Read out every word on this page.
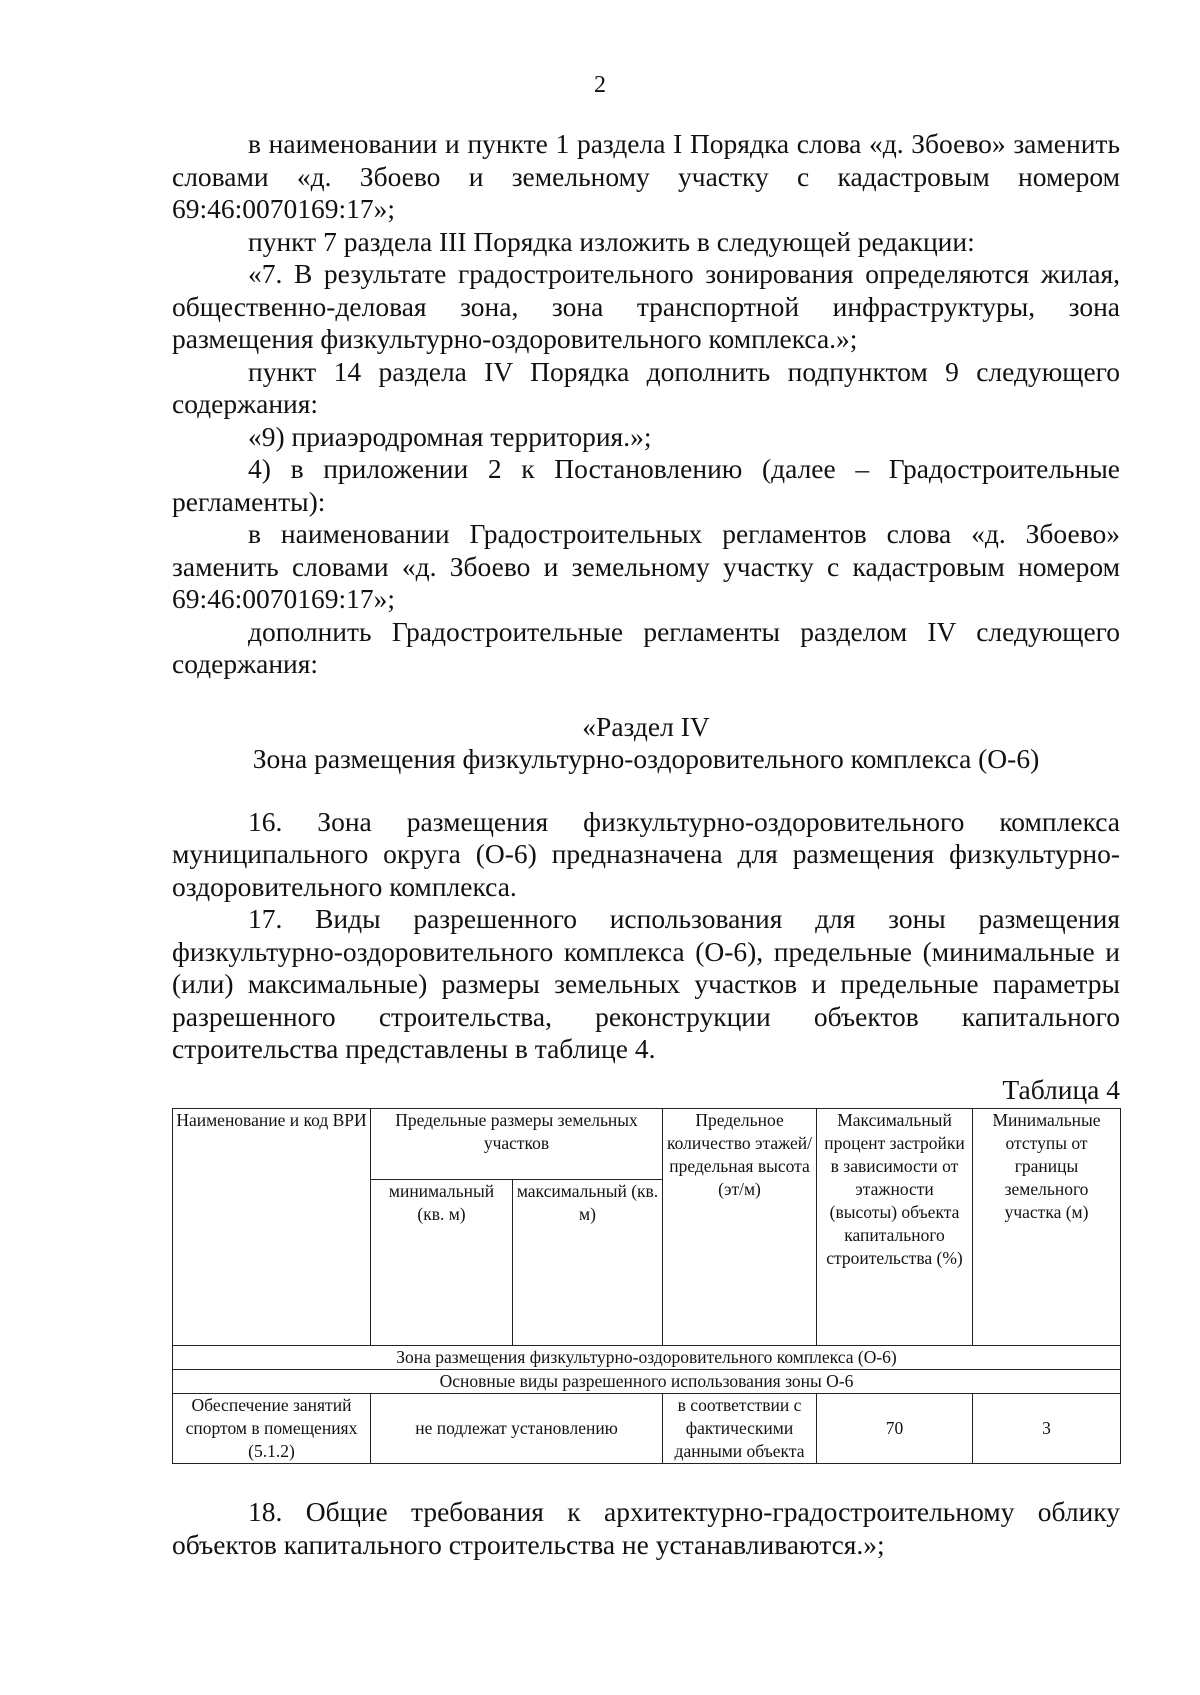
2

в наименовании и пункте 1 раздела I Порядка слова «д. Збоево» заменить словами «д. Збоево и земельному участку с кадастровым номером 69:46:0070169:17»;

пункт 7 раздела III Порядка изложить в следующей редакции:

«7. В результате градостроительного зонирования определяются жилая, общественно-деловая зона, зона транспортной инфраструктуры, зона размещения физкультурно-оздоровительного комплекса.»;

пункт 14 раздела IV Порядка дополнить подпунктом 9 следующего содержания:

«9) приаэродромная территория.»;

4) в приложении 2 к Постановлению (далее – Градостроительные регламенты):

в наименовании Градостроительных регламентов слова «д. Збоево» заменить словами «д. Збоево и земельному участку с кадастровым номером 69:46:0070169:17»;

дополнить Градостроительные регламенты разделом IV следующего содержания:

«Раздел IV

Зона размещения физкультурно-оздоровительного комплекса (О-6)

16. Зона размещения физкультурно-оздоровительного комплекса муниципального округа (О-6) предназначена для размещения физкультурно-оздоровительного комплекса.

17. Виды разрешенного использования для зоны размещения физкультурно-оздоровительного комплекса (О-6), предельные (минимальные и (или) максимальные) размеры земельных участков и предельные параметры разрешенного строительства, реконструкции объектов капитального строительства представлены в таблице 4.

Таблица 4

Наименование и код ВРИ	Предельные размеры земельных участков		Предельное количество этажей/ предельная высота (эт/м)	Максимальный процент застройки в зависимости от этажности (высоты) объекта капитального строительства (%)	Минимальные отступы от границы земельного участка (м)
	минимальный (кв. м)	максимальный (кв. м)			
Зона размещения физкультурно-оздоровительного комплекса (О-6)					
Основные виды разрешенного использования зоны О-6					
Обеспечение занятий спортом в помещениях (5.1.2)	не подлежат установлению		в соответствии с фактическими данными объекта	70	3

18. Общие требования к архитектурно-градостроительному облику объектов капитального строительства не устанавливаются.»;
